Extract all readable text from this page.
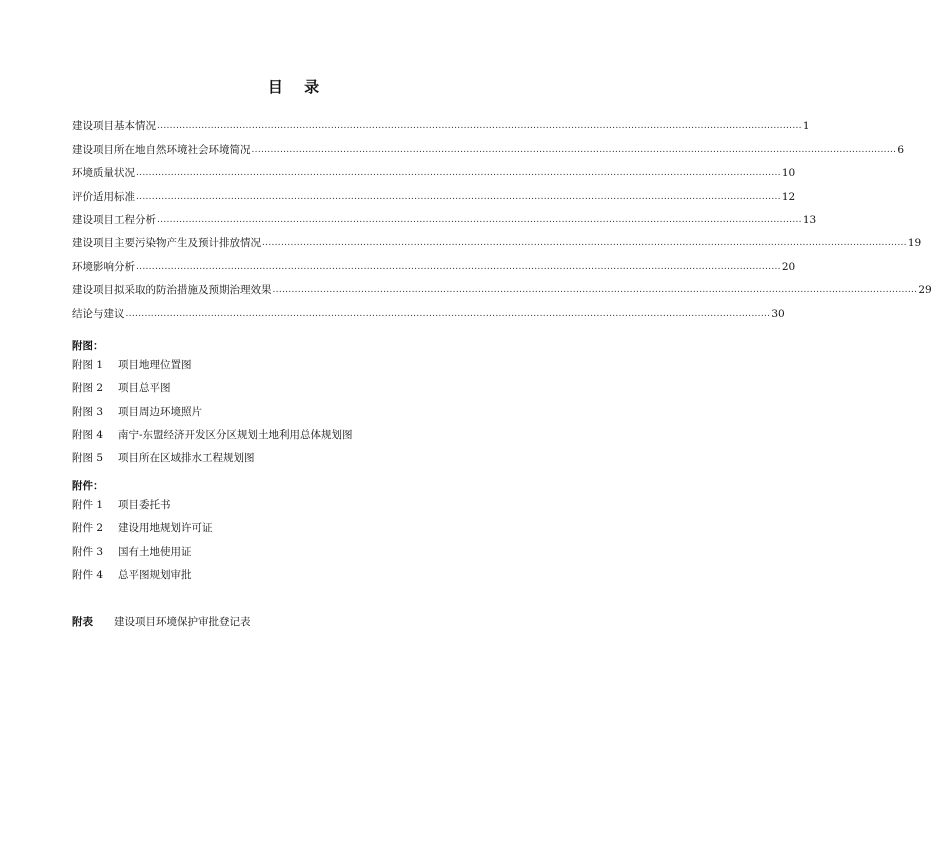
目 录
建设项目基本情况 ............................................................................................................................................................................................................ 1
建设项目所在地自然环境社会环境简况 ............................................................................................................................................................................................................ 6
环境质量状况 ............................................................................................................................................................................................................ 10
评价适用标准 ............................................................................................................................................................................................................ 12
建设项目工程分析 ............................................................................................................................................................................................................ 13
建设项目主要污染物产生及预计排放情况 ............................................................................................................................................................................................................ 19
环境影响分析 ............................................................................................................................................................................................................ 20
建设项目拟采取的防治措施及预期治理效果 ............................................................................................................................................................................................................ 29
结论与建议 ............................................................................................................................................................................................................ 30
附图：
附图 1 项目地理位置图
附图 2 项目总平图
附图 3 项目周边环境照片
附图 4 南宁-东盟经济开发区分区规划土地利用总体规划图
附图 5 项目所在区域排水工程规划图
附件：
附件 1 项目委托书
附件 2 建设用地规划许可证
附件 3 国有土地使用证
附件 4 总平图规划审批
附表 建设项目环境保护审批登记表
